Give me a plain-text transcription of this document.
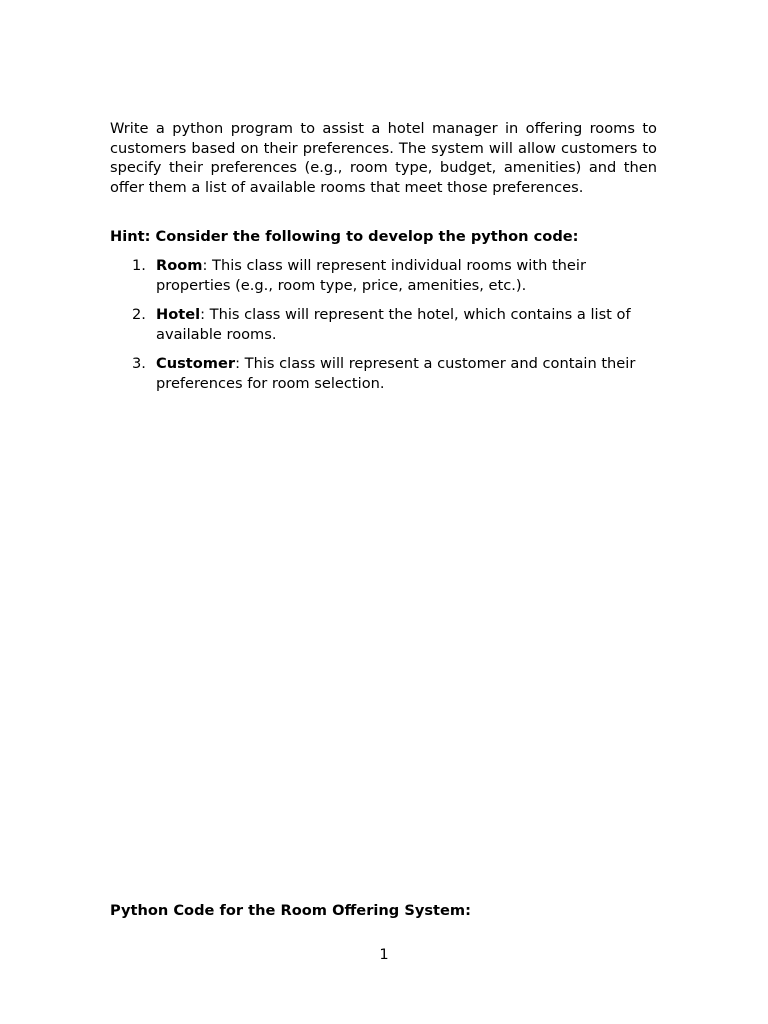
Write a python program to assist a hotel manager in offering rooms to customers based on their preferences. The system will allow customers to specify their preferences (e.g., room type, budget, amenities) and then offer them a list of available rooms that meet those preferences.

Hint: Consider the following to develop the python code:

1. Room: This class will represent individual rooms with their properties (e.g., room type, price, amenities, etc.).
2. Hotel: This class will represent the hotel, which contains a list of available rooms.
3. Customer: This class will represent a customer and contain their preferences for room selection.

Python Code for the Room Offering System:

1
